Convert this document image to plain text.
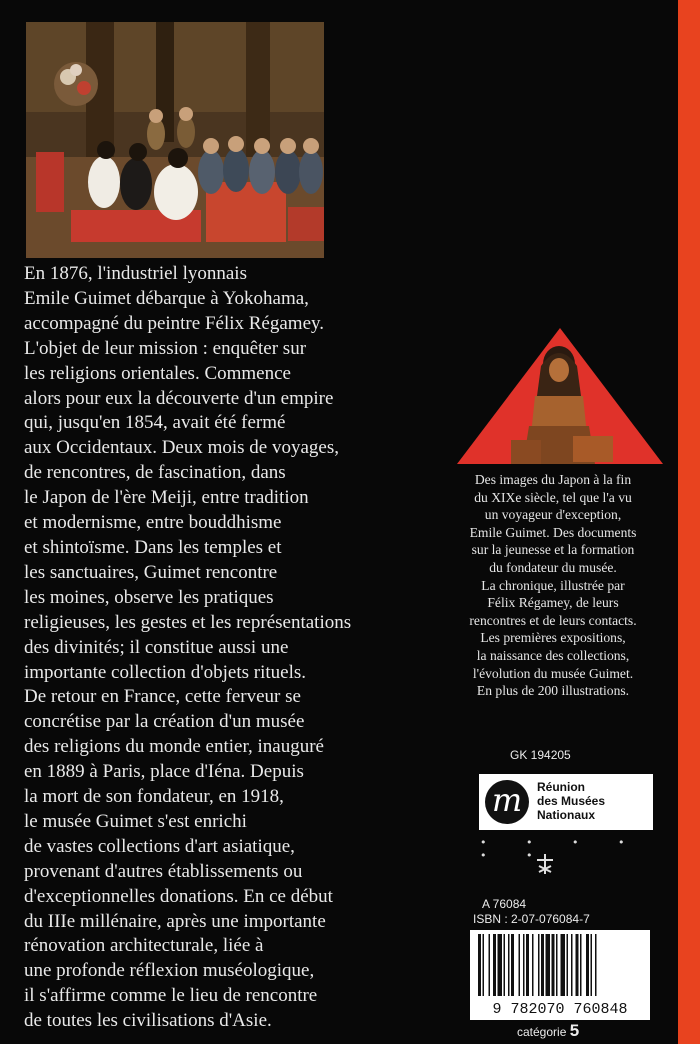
En 1876, l'industriel lyonnais
Emile Guimet débarque à Yokohama,
accompagné du peintre Félix Régamey.
L'objet de leur mission : enquêter sur
les religions orientales. Commence
alors pour eux la découverte d'un empire
qui, jusqu'en 1854, avait été fermé
aux Occidentaux. Deux mois de voyages,
de rencontres, de fascination, dans
le Japon de l'ère Meiji, entre tradition
et modernisme, entre bouddhisme
et shintoïsme. Dans les temples et
les sanctuaires, Guimet rencontre
les moines, observe les pratiques
religieuses, les gestes et les représentations
des divinités; il constitue aussi une
importante collection d'objets rituels.
De retour en France, cette ferveur se
concrétise par la création d'un musée
des religions du monde entier, inauguré
en 1889 à Paris, place d'Iéna. Depuis
la mort de son fondateur, en 1918,
le musée Guimet s'est enrichi
de vastes collections d'art asiatique,
provenant d'autres établissements ou
d'exceptionnelles donations. En ce début
du IIIe millénaire, après une importante
rénovation architecturale, liée à
une profonde réflexion muséologique,
il s'affirme comme le lieu de rencontre
de toutes les civilisations d'Asie.

Des images du Japon à la fin
du XIXe siècle, tel que l'a vu
un voyageur d'exception,
Emile Guimet. Des documents
sur la jeunesse et la formation
du fondateur du musée.
La chronique, illustrée par
Félix Régamey, de leurs
rencontres et de leurs contacts.
Les premières expositions,
la naissance des collections,
l'évolution du musée Guimet.
En plus de 200 illustrations.
GK 194205
m	Réunion
des Musées
Nationaux
• • • • • •
A 76084
ISBN : 2-07-076084-7
9 782070 760848
catégorie 5
